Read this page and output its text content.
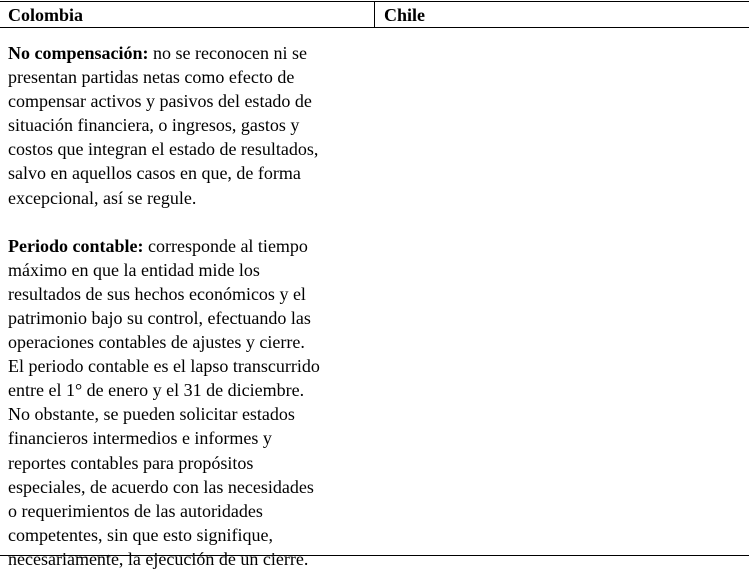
Colombia	Chile

No compensación: no se reconocen ni se
presentan partidas netas como efecto de
compensar activos y pasivos del estado de
situación financiera, o ingresos, gastos y
costos que integran el estado de resultados,
salvo en aquellos casos en que, de forma
excepcional, así se regule.

Periodo contable: corresponde al tiempo
máximo en que la entidad mide los
resultados de sus hechos económicos y el
patrimonio bajo su control, efectuando las
operaciones contables de ajustes y cierre.
El periodo contable es el lapso transcurrido
entre el 1° de enero y el 31 de diciembre.
No obstante, se pueden solicitar estados
financieros intermedios e informes y
reportes contables para propósitos
especiales, de acuerdo con las necesidades
o requerimientos de las autoridades
competentes, sin que esto signifique,
necesariamente, la ejecución de un cierre.
